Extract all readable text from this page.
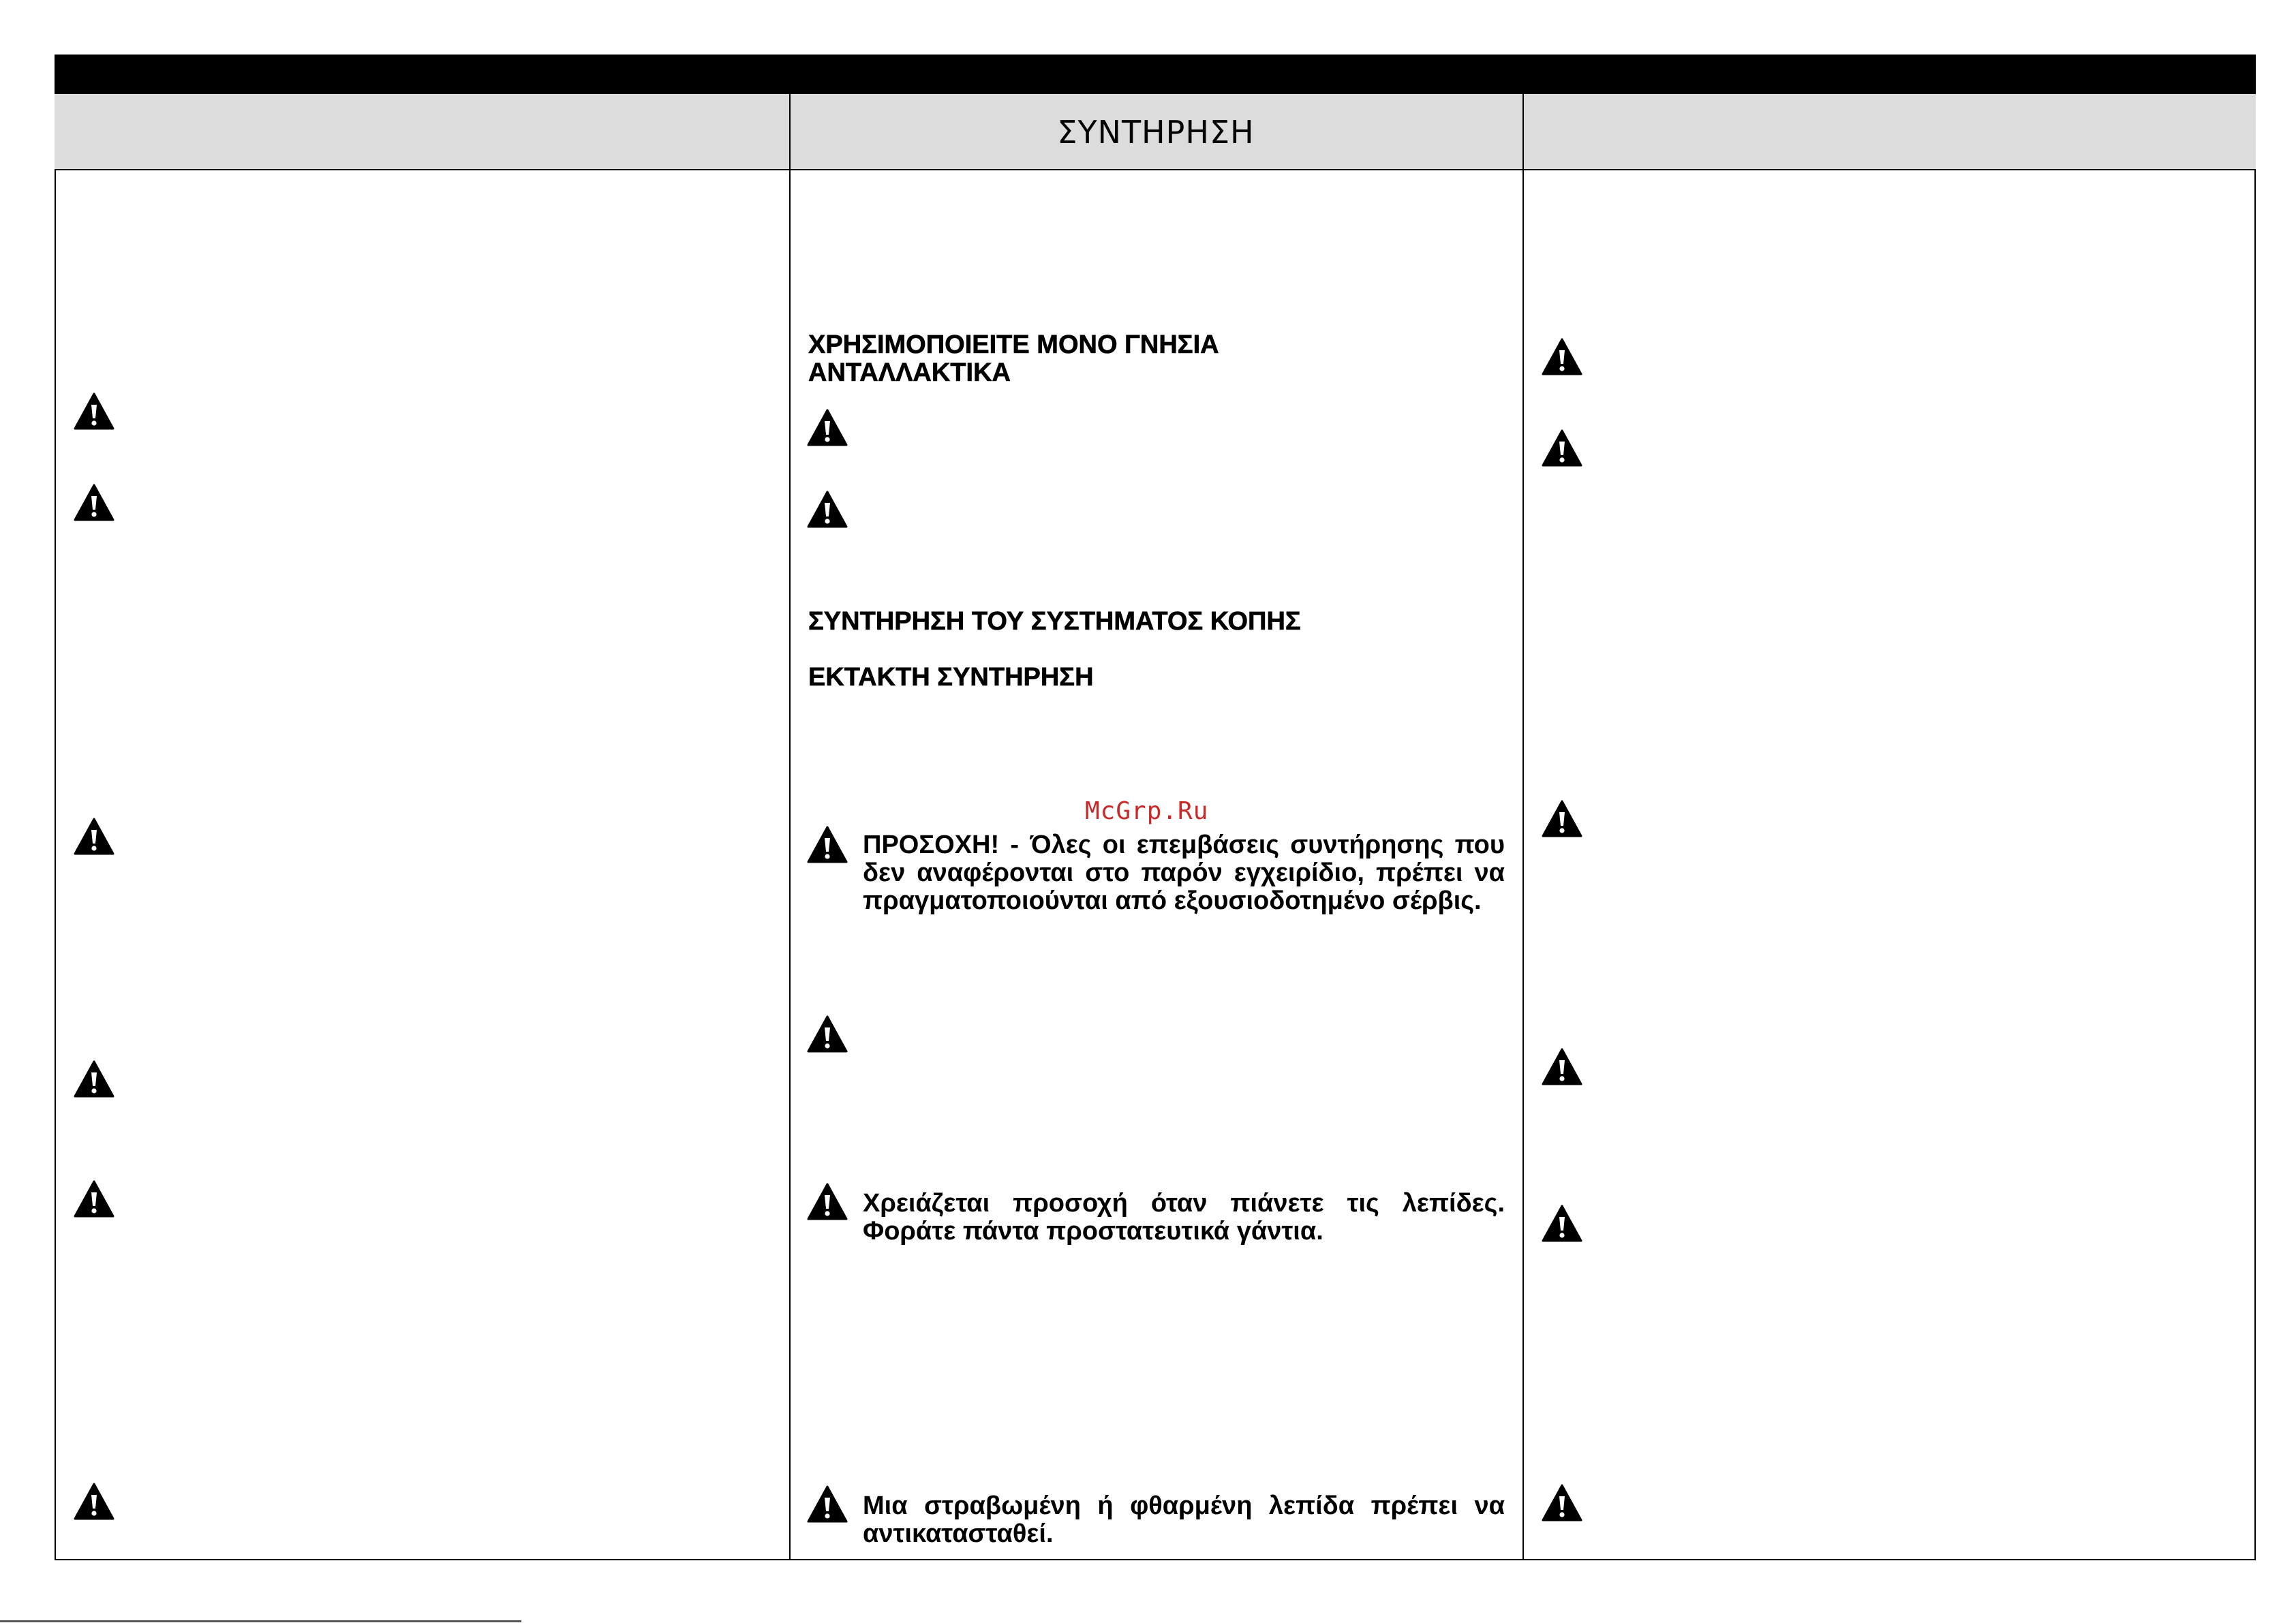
ΣΥΝΤΗΡΗΣΗ
ΧΡΗΣΙΜΟΠΟΙΕΙΤΕ ΜΟΝΟ ΓΝΗΣΙΑ ΑΝΤΑΛΛΑΚΤΙΚΑ
ΣΥΝΤΗΡΗΣΗ ΤΟΥ ΣΥΣΤΗΜΑΤΟΣ ΚΟΠΗΣ
ΕΚΤΑΚΤΗ ΣΥΝΤΗΡΗΣΗ
McGrp.Ru
ΠΡΟΣΟΧΗ! - Όλες οι επεμβάσεις συντήρησης που δεν αναφέρονται στο παρόν εγχειρίδιο, πρέπει να πραγματοποιούνται από εξουσιοδοτημένο σέρβις.
Χρειάζεται προσοχή όταν πιάνετε τις λεπίδες. Φοράτε πάντα προστατευτικά γάντια.
Μια στραβωμένη ή φθαρμένη λεπίδα πρέπει να αντικατασταθεί.
